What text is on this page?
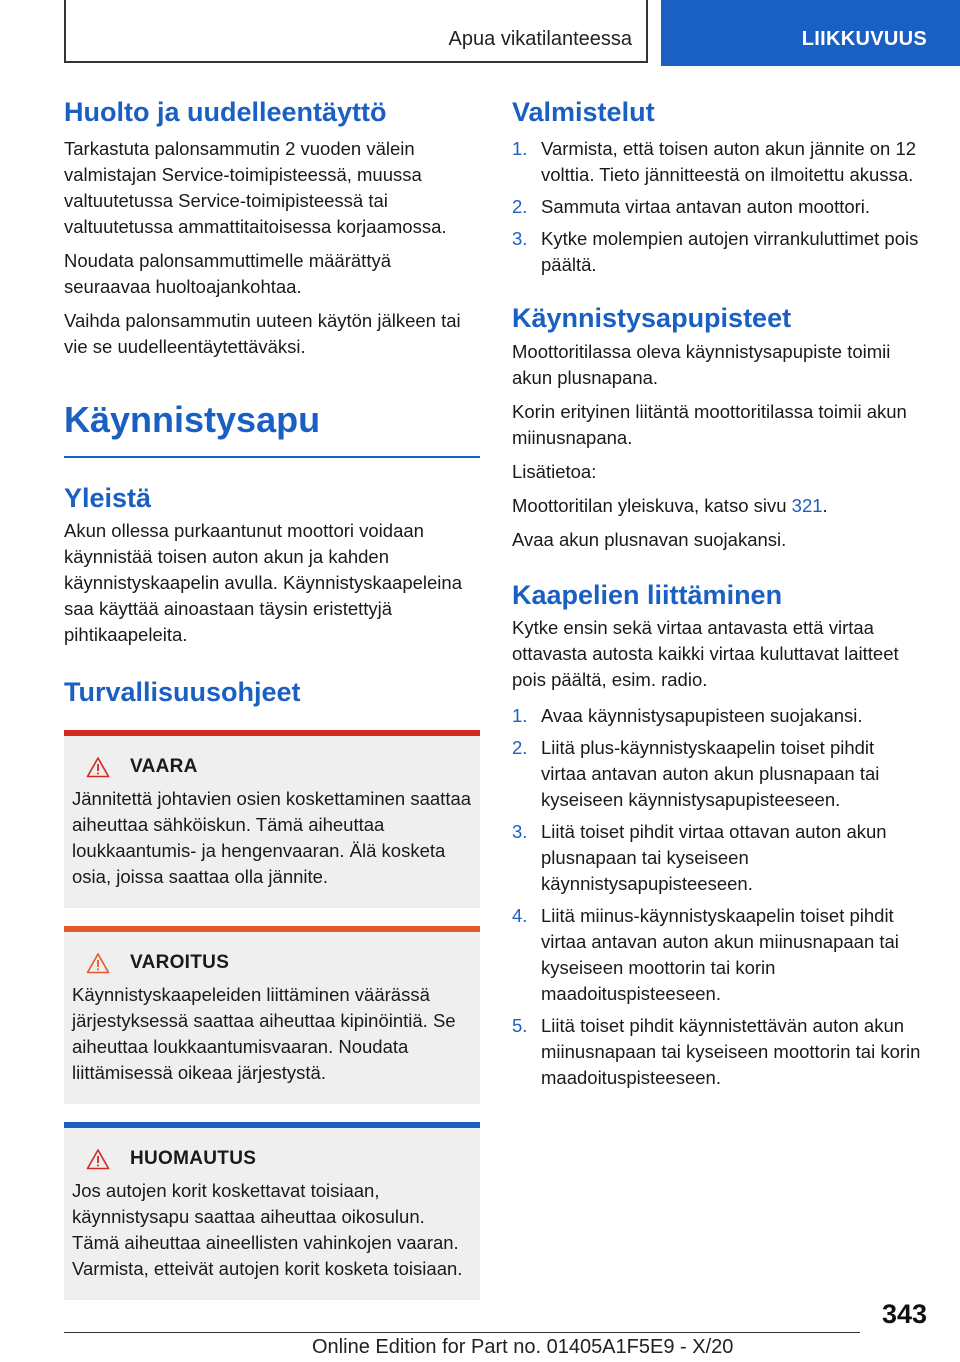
Apua vikatilanteessa	LIIKKUVUUS
Huolto ja uudelleentäyttö

Tarkastuta palonsammutin 2 vuoden välein valmistajan Service-toimipisteessä, muussa valtuutetussa Service-toimipisteessä tai valtuutetussa ammattitaitoisessa korjaamossa.

Noudata palonsammuttimelle määrättyä seuraavaa huoltoajankohtaa.

Vaihda palonsammutin uuteen käytön jälkeen tai vie se uudelleentäytettäväksi.

Käynnistysapu
Yleistä

Akun ollessa purkaantunut moottori voidaan käynnistää toisen auton akun ja kahden käynnistyskaapelin avulla. Käynnistyskaapeleina saa käyttää ainoastaan täysin eristettyjä pihtikaapeleita.

Turvallisuusohjeet
VAARA

Jännitettä johtavien osien koskettaminen saattaa aiheuttaa sähköiskun. Tämä aiheuttaa loukkaantumis- ja hengenvaaran. Älä kosketa osia, joissa saattaa olla jännite.

VAROITUS

Käynnistyskaapeleiden liittäminen väärässä järjestyksessä saattaa aiheuttaa kipinöintiä. Se aiheuttaa loukkaantumisvaaran. Noudata liittämisessä oikeaa järjestystä.

HUOMAUTUS

Jos autojen korit koskettavat toisiaan, käynnistysapu saattaa aiheuttaa oikosulun. Tämä aiheuttaa aineellisten vahinkojen vaaran. Varmista, etteivät autojen korit kosketa toisiaan.

Valmistelut
1. Varmista, että toisen auton akun jännite on 12 volttia. Tieto jännitteestä on ilmoitettu akussa.
2. Sammuta virtaa antavan auton moottori.
3. Kytke molempien autojen virrankuluttimet pois päältä.
Käynnistysapupisteet

Moottoritilassa oleva käynnistysapupiste toimii akun plusnapana.

Korin erityinen liitäntä moottoritilassa toimii akun miinusnapana.

Lisätietoa:

Moottoritilan yleiskuva, katso sivu 321.

Avaa akun plusnavan suojakansi.

Kaapelien liittäminen

Kytke ensin sekä virtaa antavasta että virtaa ottavasta autosta kaikki virtaa kuluttavat laitteet pois päältä, esim. radio.

1. Avaa käynnistysapupisteen suojakansi.
2. Liitä plus-käynnistyskaapelin toiset pihdit virtaa antavan auton akun plusnapaan tai kyseiseen käynnistysapupisteeseen.
3. Liitä toiset pihdit virtaa ottavan auton akun plusnapaan tai kyseiseen käynnistysapupisteeseen.
4. Liitä miinus-käynnistyskaapelin toiset pihdit virtaa antavan auton akun miinusnapaan tai kyseiseen moottorin tai korin maadoituspisteeseen.
5. Liitä toiset pihdit käynnistettävän auton akun miinusnapaan tai kyseiseen moottorin tai korin maadoituspisteeseen.
343
Online Edition for Part no. 01405A1F5E9 - X/20
